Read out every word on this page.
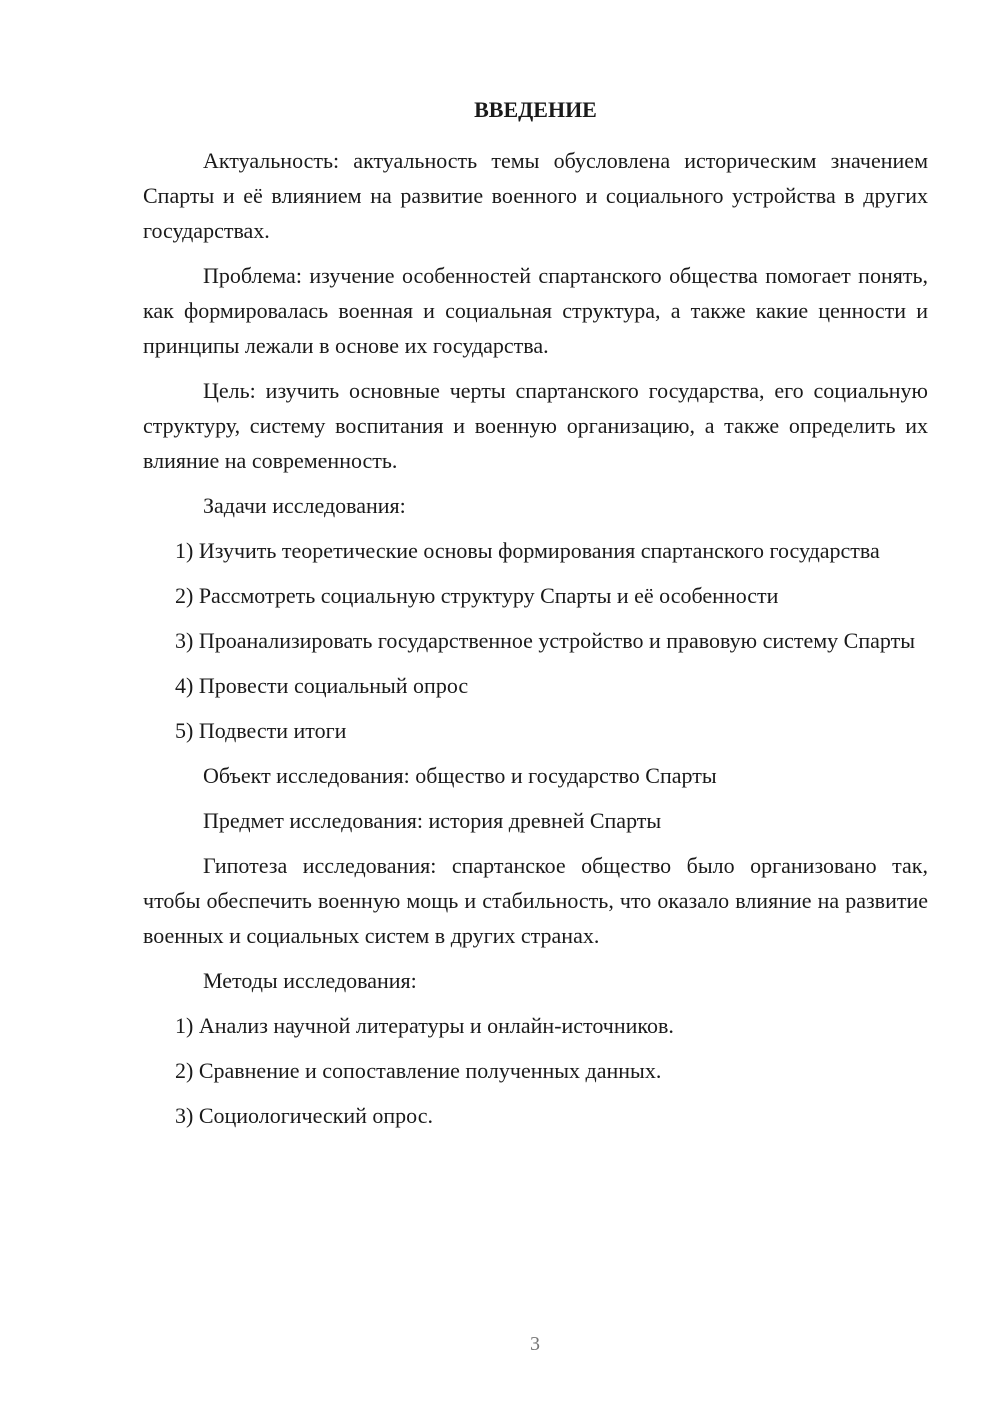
ВВЕДЕНИЕ

Актуальность: актуальность темы обусловлена историческим значением Спарты и её влиянием на развитие военного и социального устройства в других государствах.

Проблема: изучение особенностей спартанского общества помогает понять, как формировалась военная и социальная структура, а также какие ценности и принципы лежали в основе их государства.

Цель: изучить основные черты спартанского государства, его социальную структуру, систему воспитания и военную организацию, а также определить их влияние на современность.

Задачи исследования:

1) Изучить теоретические основы формирования спартанского государства

2) Рассмотреть социальную структуру Спарты и её особенности

3) Проанализировать государственное устройство и правовую систему Спарты

4) Провести социальный опрос

5) Подвести итоги

Объект исследования: общество и государство Спарты

Предмет исследования: история древней Спарты

Гипотеза исследования: спартанское общество было организовано так, чтобы обеспечить военную мощь и стабильность, что оказало влияние на развитие военных и социальных систем в других странах.

Методы исследования:

1) Анализ научной литературы и онлайн-источников.

2) Сравнение и сопоставление полученных данных.

3) Социологический опрос.

3
